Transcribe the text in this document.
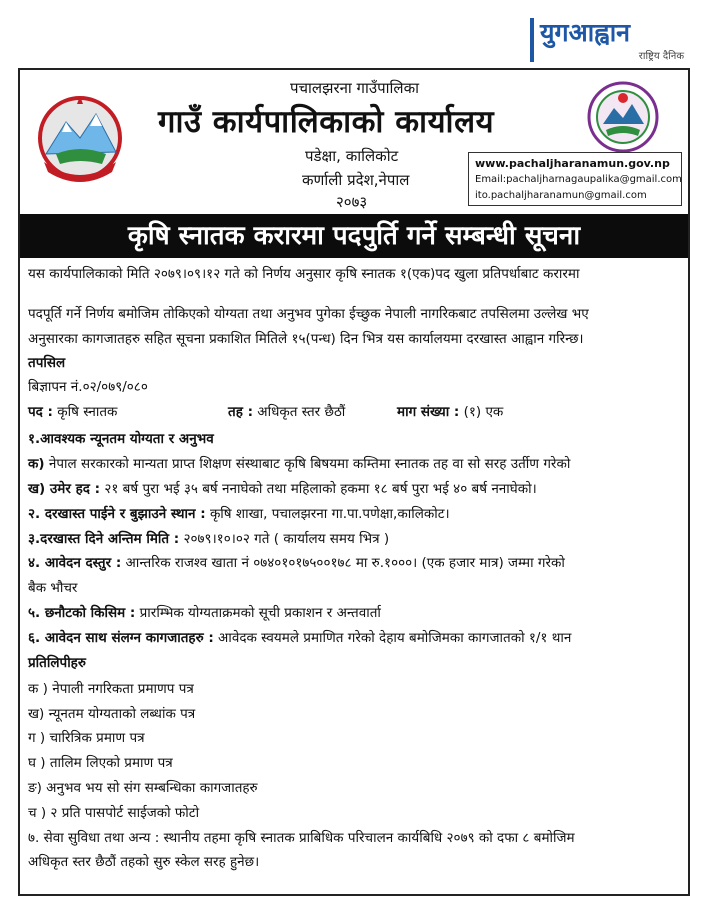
युगआह्वान
राष्ट्रिय दैनिक
पचालझरना गाउँपालिका
गाउँ कार्यपालिकाको कार्यालय
पडेक्षा, कालिकोट
कर्णाली प्रदेश,नेपाल
२०७३
www.pachaljharanamun.gov.np
Email:pachaljharnagaupalika@gmail.com
ito.pachaljharanamun@gmail.com
कृषि स्नातक करारमा पदपुर्ति गर्ने सम्बन्धी सूचना
यस कार्यपालिकाको मिति २०७९।०९।१२ गते को निर्णय अनुसार कृषि स्नातक १(एक)पद खुला प्रतिपर्धाबाट करारमा
पदपूर्ति गर्ने निर्णय बमोजिम तोकिएको योग्यता तथा अनुभव पुगेका ईच्छुक नेपाली नागरिकबाट तपसिलमा उल्लेख भए
अनुसारका कागजातहरु सहित सूचना प्रकाशित मितिले १५(पन्ध) दिन भित्र यस कार्यालयमा दरखास्त आह्वान गरिन्छ।
तपसिल
बिज्ञापन नं.०२/०७९/०८०
पद : कृषि स्नातक	तह : अधिकृत स्तर छैठौं	माग संख्या : (१) एक
१.आवश्यक न्यूनतम योग्यता र अनुभव
क) नेपाल सरकारको मान्यता प्राप्त शिक्षण संस्थाबाट कृषि बिषयमा कम्तिमा स्नातक तह वा सो सरह उर्तीण गरेको
ख) उमेर हद : २१ बर्ष पुरा भई ३५ बर्ष ननाघेको तथा महिलाको हकमा १८ बर्ष पुरा भई ४० बर्ष ननाघेको।
२. दरखास्त पाईने र बुझाउने स्थान : कृषि शाखा, पचालझरना गा.पा.पणेक्षा,कालिकोट।
३.दरखास्त दिने अन्तिम मिति : २०७९।१०।०२ गते ( कार्यालय समय भित्र )
४. आवेदन दस्तुर : आन्तरिक राजश्व खाता नं ०७४०१०१७५००१७८ मा रु.१०००। (एक हजार मात्र) जम्मा गरेको
बैक भौचर
५. छनौटको किसिम : प्रारम्भिक योग्यताक्रमको सूची प्रकाशन र अन्तवार्ता
६. आवेदन साथ संलग्न कागजातहरु : आवेदक स्वयमले प्रमाणित गरेको देहाय बमोजिमका कागजातको १/१ थान
प्रतिलिपीहरु
क ) नेपाली नगरिकता प्रमाणप पत्र
ख) न्यूनतम योग्यताको लब्धांक पत्र
ग ) चारित्रिक प्रमाण पत्र
घ ) तालिम लिएको प्रमाण पत्र
ङ) अनुभव भय सो संग सम्बन्धिका कागजातहरु
च ) २ प्रति पासपोर्ट साईजको फोटो
७. सेवा सुविधा तथा अन्य : स्थानीय तहमा कृषि स्नातक प्राबिधिक परिचालन कार्यबिधि २०७९ को दफा ८ बमोजिम
अधिकृत स्तर छैठौं तहको सुरु स्केल सरह हुनेछ।
